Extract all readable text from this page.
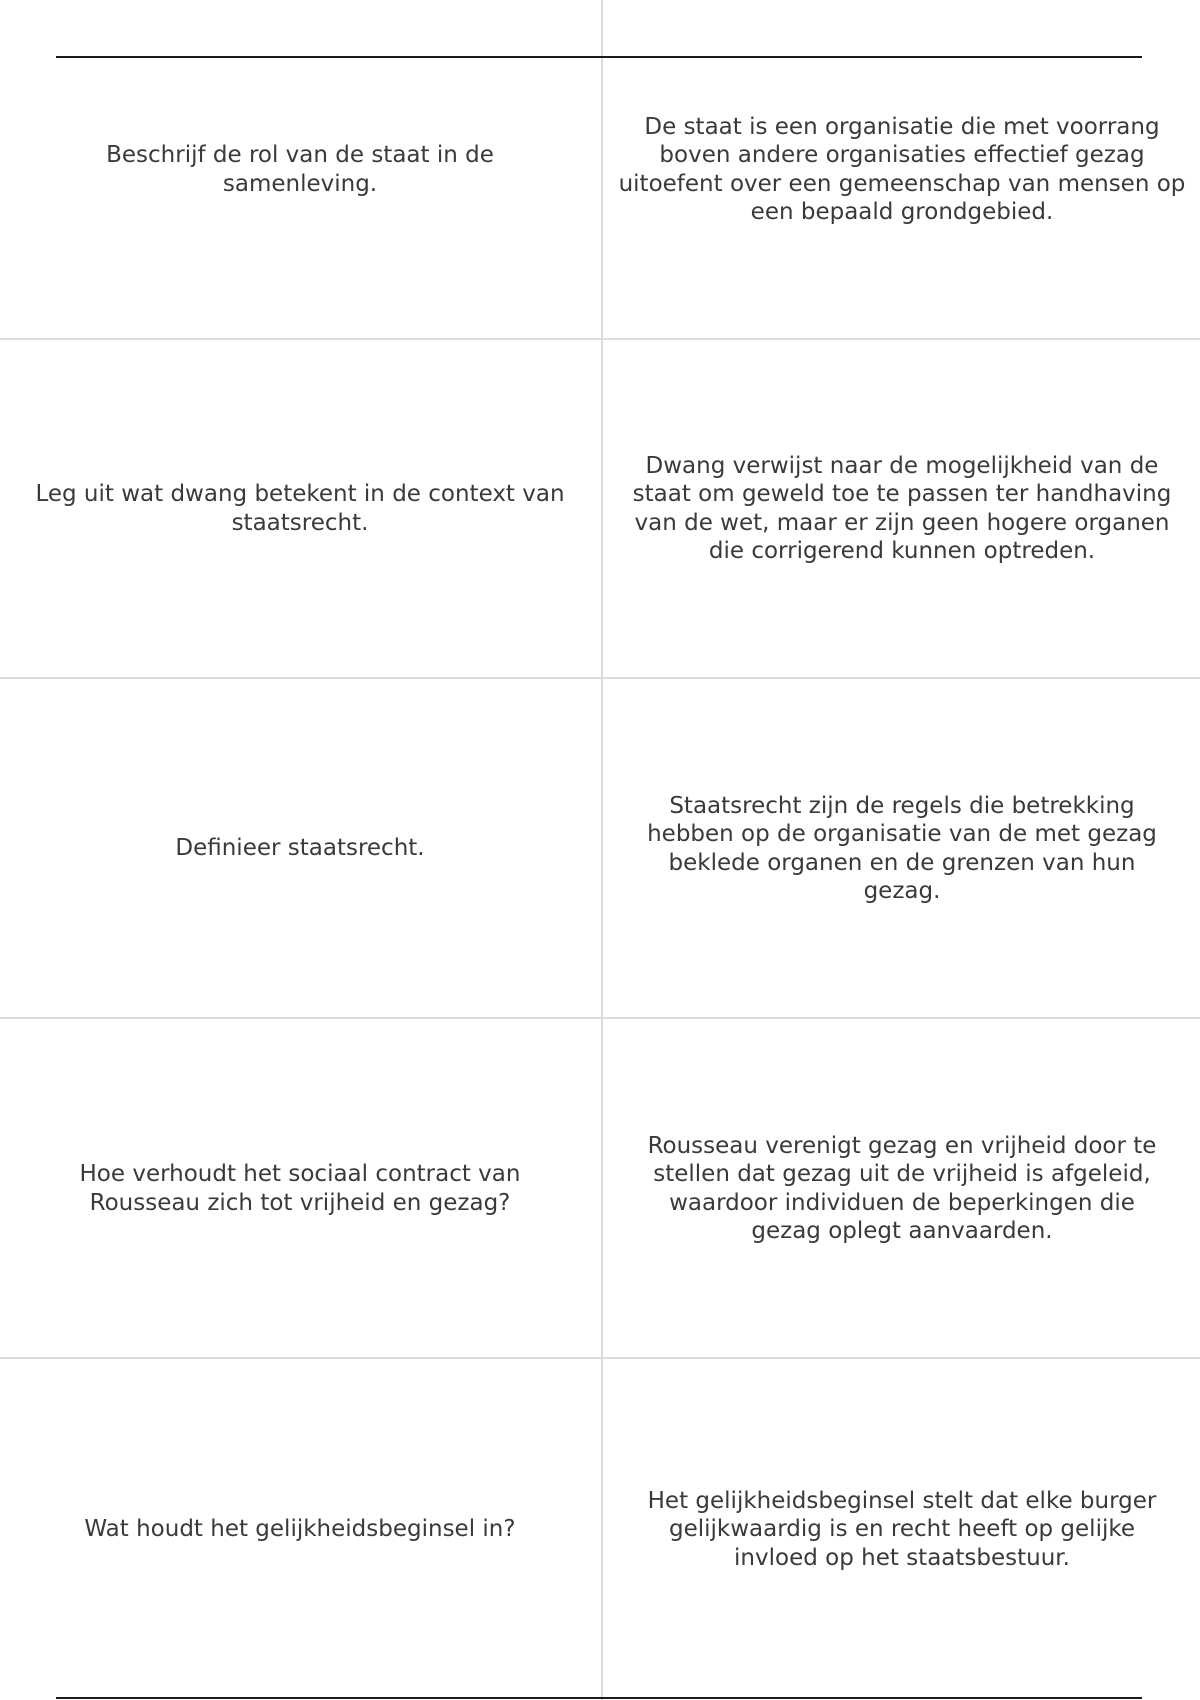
Beschrijf de rol van de staat in de samenleving.
De staat is een organisatie die met voorrang boven andere organisaties effectief gezag uitoefent over een gemeenschap van mensen op een bepaald grondgebied.
Leg uit wat dwang betekent in de context van staatsrecht.
Dwang verwijst naar de mogelijkheid van de staat om geweld toe te passen ter handhaving van de wet, maar er zijn geen hogere organen die corrigerend kunnen optreden.
Definieer staatsrecht.
Staatsrecht zijn de regels die betrekking hebben op de organisatie van de met gezag beklede organen en de grenzen van hun gezag.
Hoe verhoudt het sociaal contract van Rousseau zich tot vrijheid en gezag?
Rousseau verenigt gezag en vrijheid door te stellen dat gezag uit de vrijheid is afgeleid, waardoor individuen de beperkingen die gezag oplegt aanvaarden.
Wat houdt het gelijkheidsbeginsel in?
Het gelijkheidsbeginsel stelt dat elke burger gelijkwaardig is en recht heeft op gelijke invloed op het staatsbestuur.
